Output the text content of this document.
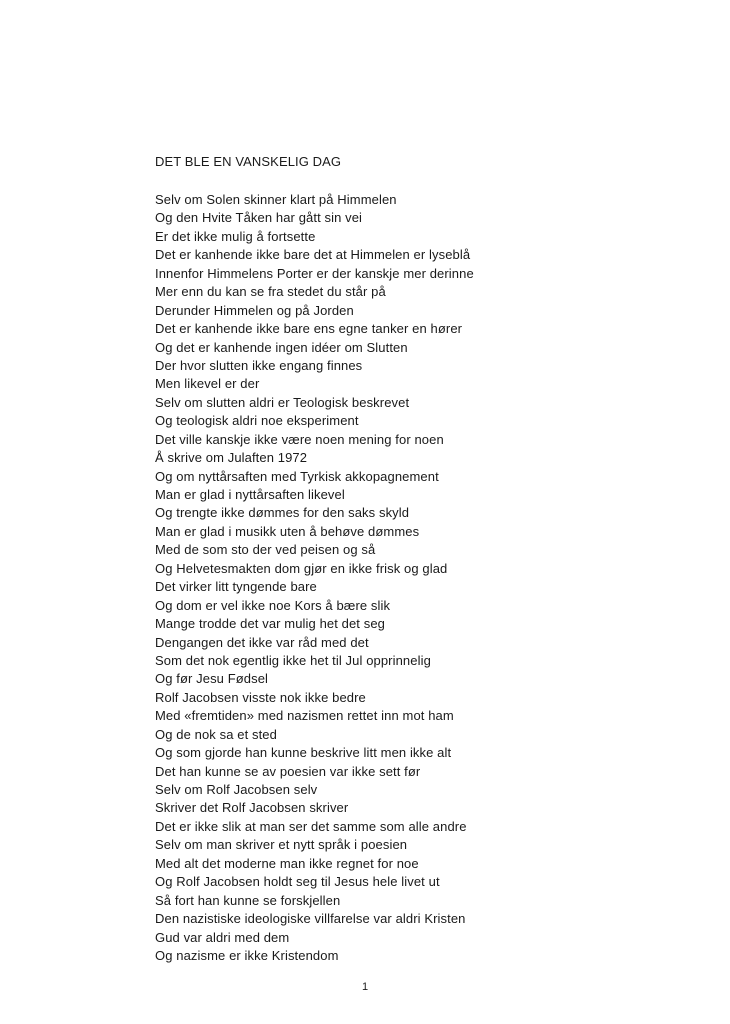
DET BLE EN VANSKELIG DAG
Selv om Solen skinner klart på Himmelen
Og den Hvite Tåken har gått sin vei
Er det ikke mulig å fortsette
Det er kanhende ikke bare det at Himmelen er lyseblå
Innenfor Himmelens Porter er der kanskje mer derinne
Mer enn du kan se fra stedet du står på
Derunder Himmelen og på Jorden
Det er kanhende ikke bare ens egne tanker en hører
Og det er kanhende ingen idéer om Slutten
Der hvor slutten ikke engang finnes
Men likevel er der
Selv om slutten aldri er Teologisk beskrevet
Og teologisk aldri noe eksperiment
Det ville kanskje ikke være noen mening for noen
Å skrive om Julaften 1972
Og om nyttårsaften med Tyrkisk akkopagnement
Man er glad i nyttårsaften likevel
Og trengte ikke dømmes for den saks skyld
Man er glad i musikk uten å behøve dømmes
Med de som sto der ved peisen og så
Og Helvetesmakten dom gjør en ikke frisk og glad
Det virker litt tyngende bare
Og dom er vel ikke noe Kors å bære slik
Mange trodde det var mulig het det seg
Dengangen det ikke var råd med det
Som det nok egentlig ikke het til Jul opprinnelig
Og før Jesu Fødsel
Rolf Jacobsen visste nok ikke bedre
Med «fremtiden» med nazismen rettet inn mot ham
Og de nok sa et sted
Og som gjorde han kunne beskrive litt men ikke alt
Det han kunne se av poesien var ikke sett før
Selv om Rolf Jacobsen selv
Skriver det Rolf Jacobsen skriver
Det er ikke slik at man ser det samme som alle andre
Selv om man skriver et nytt språk i poesien
Med alt det moderne man ikke regnet for noe
Og Rolf Jacobsen holdt seg til Jesus hele livet ut
Så fort han kunne se forskjellen
Den nazistiske ideologiske villfarelse var aldri Kristen
Gud var aldri med dem
Og nazisme er ikke Kristendom
1
